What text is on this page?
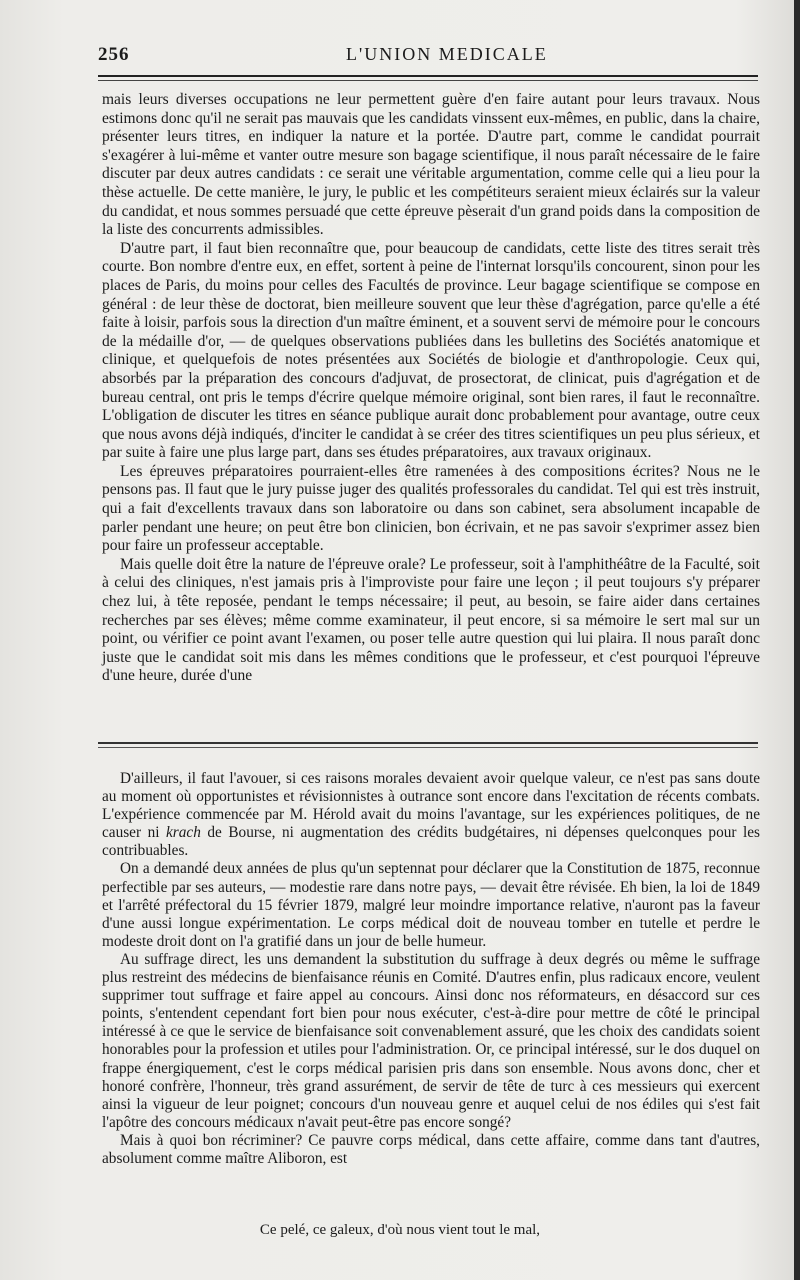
256	L'UNION MEDICALE

mais leurs diverses occupations ne leur permettent guère d'en faire autant pour leurs travaux. Nous estimons donc qu'il ne serait pas mauvais que les candidats vinssent eux-mêmes, en public, dans la chaire, présenter leurs titres, en indiquer la nature et la portée. D'autre part, comme le candidat pourrait s'exagérer à lui-même et vanter outre mesure son bagage scientifique, il nous paraît nécessaire de le faire discuter par deux autres candidats : ce serait une véritable argumentation, comme celle qui a lieu pour la thèse actuelle. De cette manière, le jury, le public et les compétiteurs seraient mieux éclairés sur la valeur du candidat, et nous sommes persuadé que cette épreuve pèserait d'un grand poids dans la composition de la liste des concurrents admissibles.

D'autre part, il faut bien reconnaître que, pour beaucoup de candidats, cette liste des titres serait très courte. Bon nombre d'entre eux, en effet, sortent à peine de l'internat lorsqu'ils concourent, sinon pour les places de Paris, du moins pour celles des Facultés de province. Leur bagage scientifique se compose en général : de leur thèse de doctorat, bien meilleure souvent que leur thèse d'agrégation, parce qu'elle a été faite à loisir, parfois sous la direction d'un maître éminent, et a souvent servi de mémoire pour le concours de la médaille d'or, — de quelques observations publiées dans les bulletins des Sociétés anatomique et clinique, et quelquefois de notes présentées aux Sociétés de biologie et d'anthropologie. Ceux qui, absorbés par la préparation des concours d'adjuvat, de prosectorat, de clinicat, puis d'agrégation et de bureau central, ont pris le temps d'écrire quelque mémoire original, sont bien rares, il faut le reconnaître. L'obligation de discuter les titres en séance publique aurait donc probablement pour avantage, outre ceux que nous avons déjà indiqués, d'inciter le candidat à se créer des titres scientifiques un peu plus sérieux, et par suite à faire une plus large part, dans ses études préparatoires, aux travaux originaux.

Les épreuves préparatoires pourraient-elles être ramenées à des compositions écrites? Nous ne le pensons pas. Il faut que le jury puisse juger des qualités professorales du candidat. Tel qui est très instruit, qui a fait d'excellents travaux dans son laboratoire ou dans son cabinet, sera absolument incapable de parler pendant une heure; on peut être bon clinicien, bon écrivain, et ne pas savoir s'exprimer assez bien pour faire un professeur acceptable.

Mais quelle doit être la nature de l'épreuve orale? Le professeur, soit à l'amphithéâtre de la Faculté, soit à celui des cliniques, n'est jamais pris à l'improviste pour faire une leçon ; il peut toujours s'y préparer chez lui, à tête reposée, pendant le temps nécessaire; il peut, au besoin, se faire aider dans certaines recherches par ses élèves; même comme examinateur, il peut encore, si sa mémoire le sert mal sur un point, ou vérifier ce point avant l'examen, ou poser telle autre question qui lui plaira. Il nous paraît donc juste que le candidat soit mis dans les mêmes conditions que le professeur, et c'est pourquoi l'épreuve d'une heure, durée d'une

D'ailleurs, il faut l'avouer, si ces raisons morales devaient avoir quelque valeur, ce n'est pas sans doute au moment où opportunistes et révisionnistes à outrance sont encore dans l'excitation de récents combats. L'expérience commencée par M. Hérold avait du moins l'avantage, sur les expériences politiques, de ne causer ni krach de Bourse, ni augmentation des crédits budgétaires, ni dépenses quelconques pour les contribuables.

On a demandé deux années de plus qu'un septennat pour déclarer que la Constitution de 1875, reconnue perfectible par ses auteurs, — modestie rare dans notre pays, — devait être révisée. Eh bien, la loi de 1849 et l'arrêté préfectoral du 15 février 1879, malgré leur moindre importance relative, n'auront pas la faveur d'une aussi longue expérimentation. Le corps médical doit de nouveau tomber en tutelle et perdre le modeste droit dont on l'a gratifié dans un jour de belle humeur.

Au suffrage direct, les uns demandent la substitution du suffrage à deux degrés ou même le suffrage plus restreint des médecins de bienfaisance réunis en Comité. D'autres enfin, plus radicaux encore, veulent supprimer tout suffrage et faire appel au concours. Ainsi donc nos réformateurs, en désaccord sur ces points, s'entendent cependant fort bien pour nous exécuter, c'est-à-dire pour mettre de côté le principal intéressé à ce que le service de bienfaisance soit convenablement assuré, que les choix des candidats soient honorables pour la profession et utiles pour l'administration. Or, ce principal intéressé, sur le dos duquel on frappe énergiquement, c'est le corps médical parisien pris dans son ensemble. Nous avons donc, cher et honoré confrère, l'honneur, très grand assurément, de servir de tête de turc à ces messieurs qui exercent ainsi la vigueur de leur poignet; concours d'un nouveau genre et auquel celui de nos édiles qui s'est fait l'apôtre des concours médicaux n'avait peut-être pas encore songé?

Mais à quoi bon récriminer? Ce pauvre corps médical, dans cette affaire, comme dans tant d'autres, absolument comme maître Aliboron, est

Ce pelé, ce galeux, d'où nous vient tout le mal,
